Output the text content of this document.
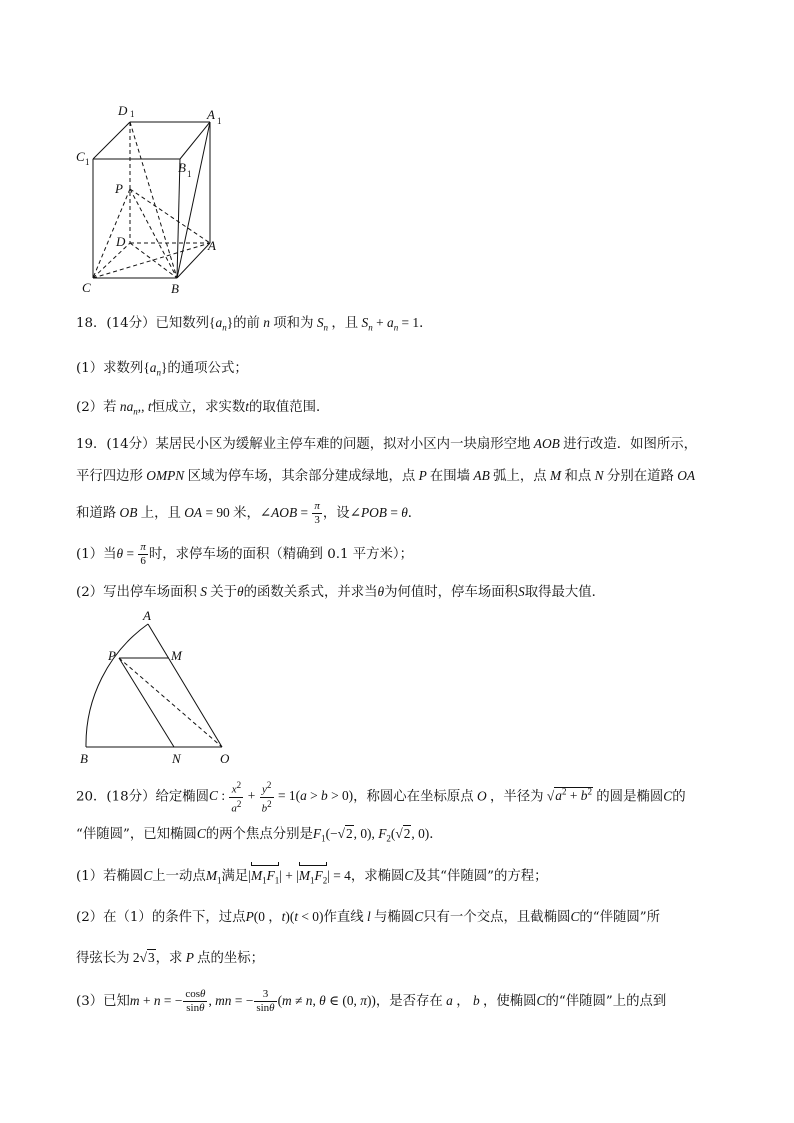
D 1	A 1
C 1	B 1
P
D	A
C	B
18．(14分）已知数列$\{a_n\}$的前 n 项和为 $S_n$ ，且 $S_n + a_n = 1$．
(1）求数列$\{a_n\}$的通项公式；
(2）若 $na_n$,, t恒成立，求实数t的取值范围．
19．(14分）某居民小区为缓解业主停车难的问题，拟对小区内一块扇形空地 AOB 进行改造．如图所示，
平行四边形 OMPN 区域为停车场，其余部分建成绿地，点 P 在围墙 AB 弧上，点 M 和点 N 分别在道路 OA
和道路 OB 上，且 OA = 90 米，∠AOB = $\frac{\pi}{3}$ ，设∠POB = θ．
(1）当$\theta = \frac{\pi}{6}$ 时，求停车场的面积（精确到 0.1 平方米）；
(2）写出停车场面积 S 关于θ的函数关系式，并求当θ为何值时，停车场面积S取得最大值．
A
P	M
B	N	O
20．(18分）给定椭圆C : $\frac{x^2}{a^2} + \frac{y^2}{b^2} = 1(a > b > 0)$，称圆心在坐标原点 O ，半径为 $√a^2 + b^2$ 的圆是椭圆C的
“伴随圆”，已知椭圆C的两个焦点分别是$F_1(-√2$, 0), $F_2(√2$, 0)．
(1）若椭圆C上一动点$M_1$满足$|M_1F_1| + |M_1F_2| = 4$，求椭圆C及其“伴随圆”的方程；
(2）在（1）的条件下，过点P(0 ，t)(t < 0)作直线 l 与椭圆C只有一个交点，且截椭圆C的“伴随圆”所
得弦长为 2√3，求 P 点的坐标；
(3）已知m + n = − $\frac{\cos\theta}{\sin\theta}$ , mn = − $\frac{3}{\sin\theta} (m \ne n$, θ ∈ (0, π))，是否存在 a ， b ，使椭圆C的“伴随圆”上的点到
